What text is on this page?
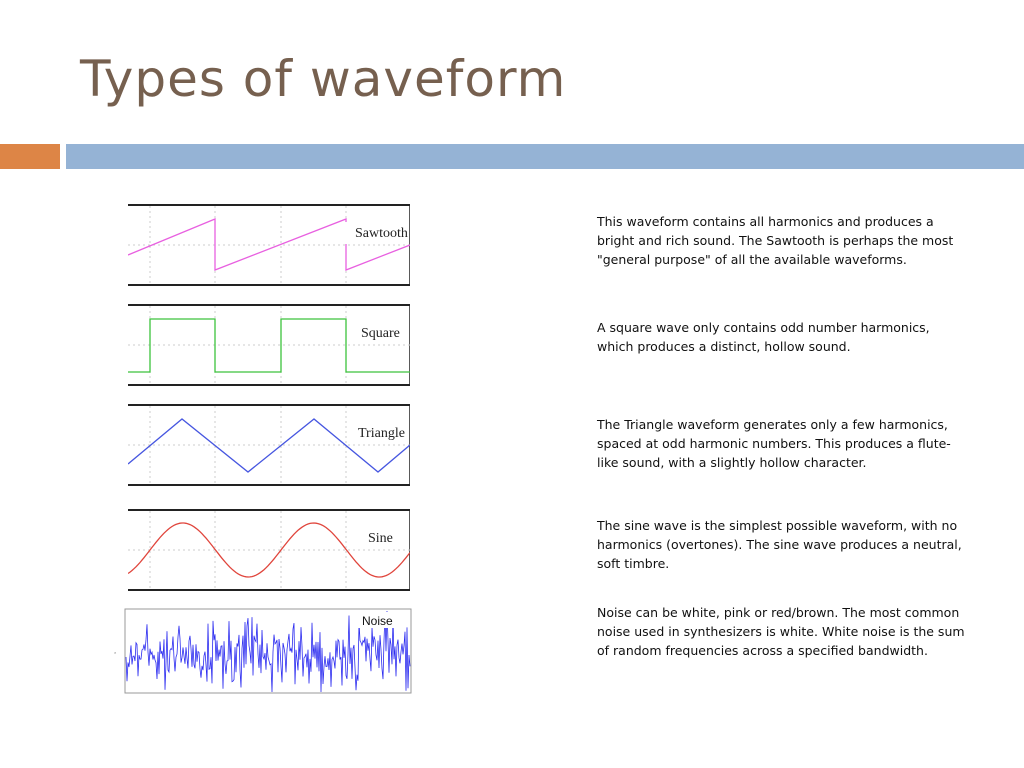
Types of waveform
Sawtooth
Square
Triangle
Sine
×
Noise

This waveform contains all harmonics and produces a bright and rich sound. The Sawtooth is perhaps the most "general purpose" of all the available waveforms.

A square wave only contains odd number harmonics, which produces a distinct, hollow sound.

The Triangle waveform generates only a few harmonics, spaced at odd harmonic numbers. This produces a flute-like sound, with a slightly hollow character.

The sine wave is the simplest possible waveform, with no harmonics (overtones). The sine wave produces a neutral, soft timbre.

Noise can be white, pink or red/brown. The most common noise used in synthesizers is white. White noise is the sum of random frequencies across a specified bandwidth.
